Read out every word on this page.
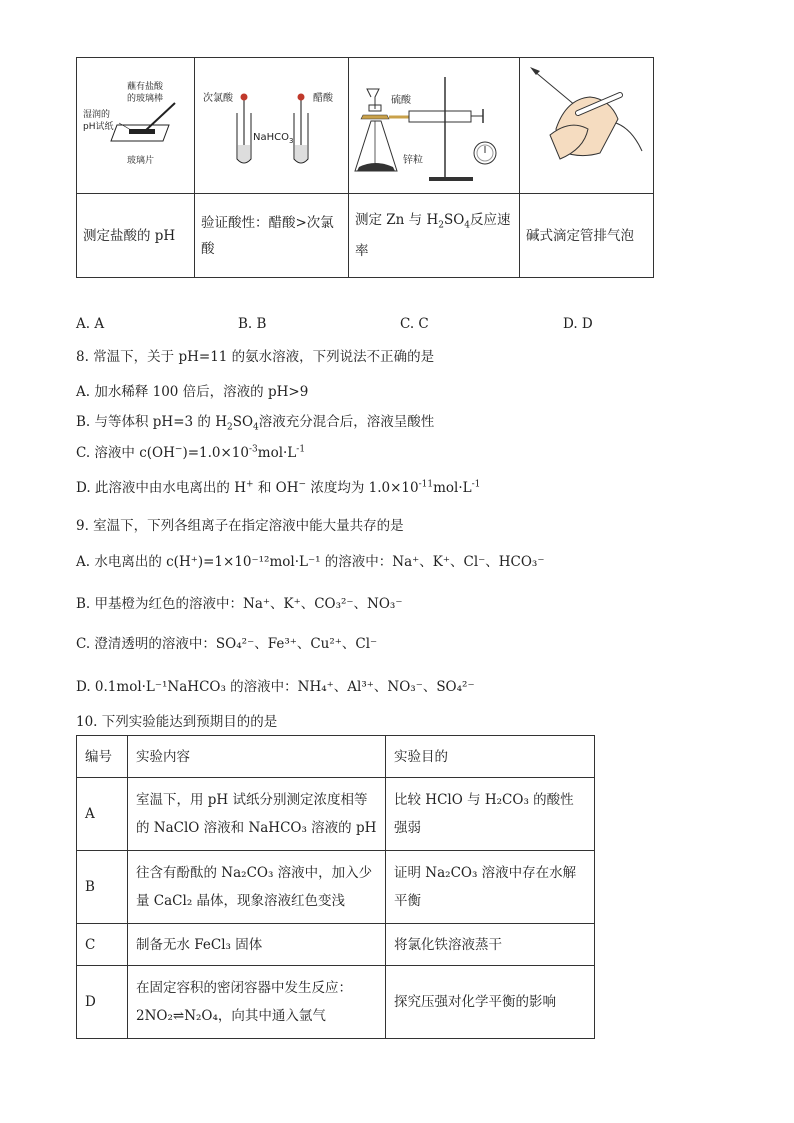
蘸有盐酸
的玻璃棒
湿润的
pH试纸
玻璃片	次氯酸 醋酸
NaHCO$_3$	硫酸
锌粒

测定盐酸的 pH	验证酸性：醋酸>次氯酸	测定 Zn 与 $H_2SO_4$反应速率	碱式滴定管排气泡
A. A	B. B	C. C	D. D
8. 常温下，关于 pH=11 的氨水溶液，下列说法不正确的是
A. 加水稀释 100 倍后，溶液的 pH>9
B. 与等体积 pH=3 的 $H_2SO_4$溶液充分混合后，溶液呈酸性
C. 溶液中 $c(OH^-)=1.0\times 10^{-3}mol\cdot L^{-1}$
D. 此溶液中由水电离出的 H+ 和 OH− 浓度均为 $1.0\times 10^{-11}mol\cdot L^{-1}$
9. 室温下，下列各组离子在指定溶液中能大量共存的是
A. 水电离出的 c(H⁺)=1×10⁻¹²mol·L⁻¹ 的溶液中：Na⁺、K⁺、Cl⁻、HCO₃⁻
B. 甲基橙为红色的溶液中：Na⁺、K⁺、CO₃²⁻、NO₃⁻
C. 澄清透明的溶液中：SO₄²⁻、Fe³⁺、Cu²⁺、Cl⁻
D. 0.1mol·L⁻¹NaHCO₃ 的溶液中：NH₄⁺、Al³⁺、NO₃⁻、SO₄²⁻
10. 下列实验能达到预期目的的是
编号	实验内容	实验目的
A	室温下，用 pH 试纸分别测定浓度相等的 NaClO 溶液和 NaHCO₃ 溶液的 pH	比较 HClO 与 H₂CO₃ 的酸性强弱
B	往含有酚酞的 Na₂CO₃ 溶液中，加入少量 CaCl₂ 晶体，现象溶液红色变浅	证明 Na₂CO₃ 溶液中存在水解平衡
C	制备无水 FeCl₃ 固体	将氯化铁溶液蒸干
D	在固定容积的密闭容器中发生反应：2NO₂⇌N₂O₄，向其中通入氩气	探究压强对化学平衡的影响
